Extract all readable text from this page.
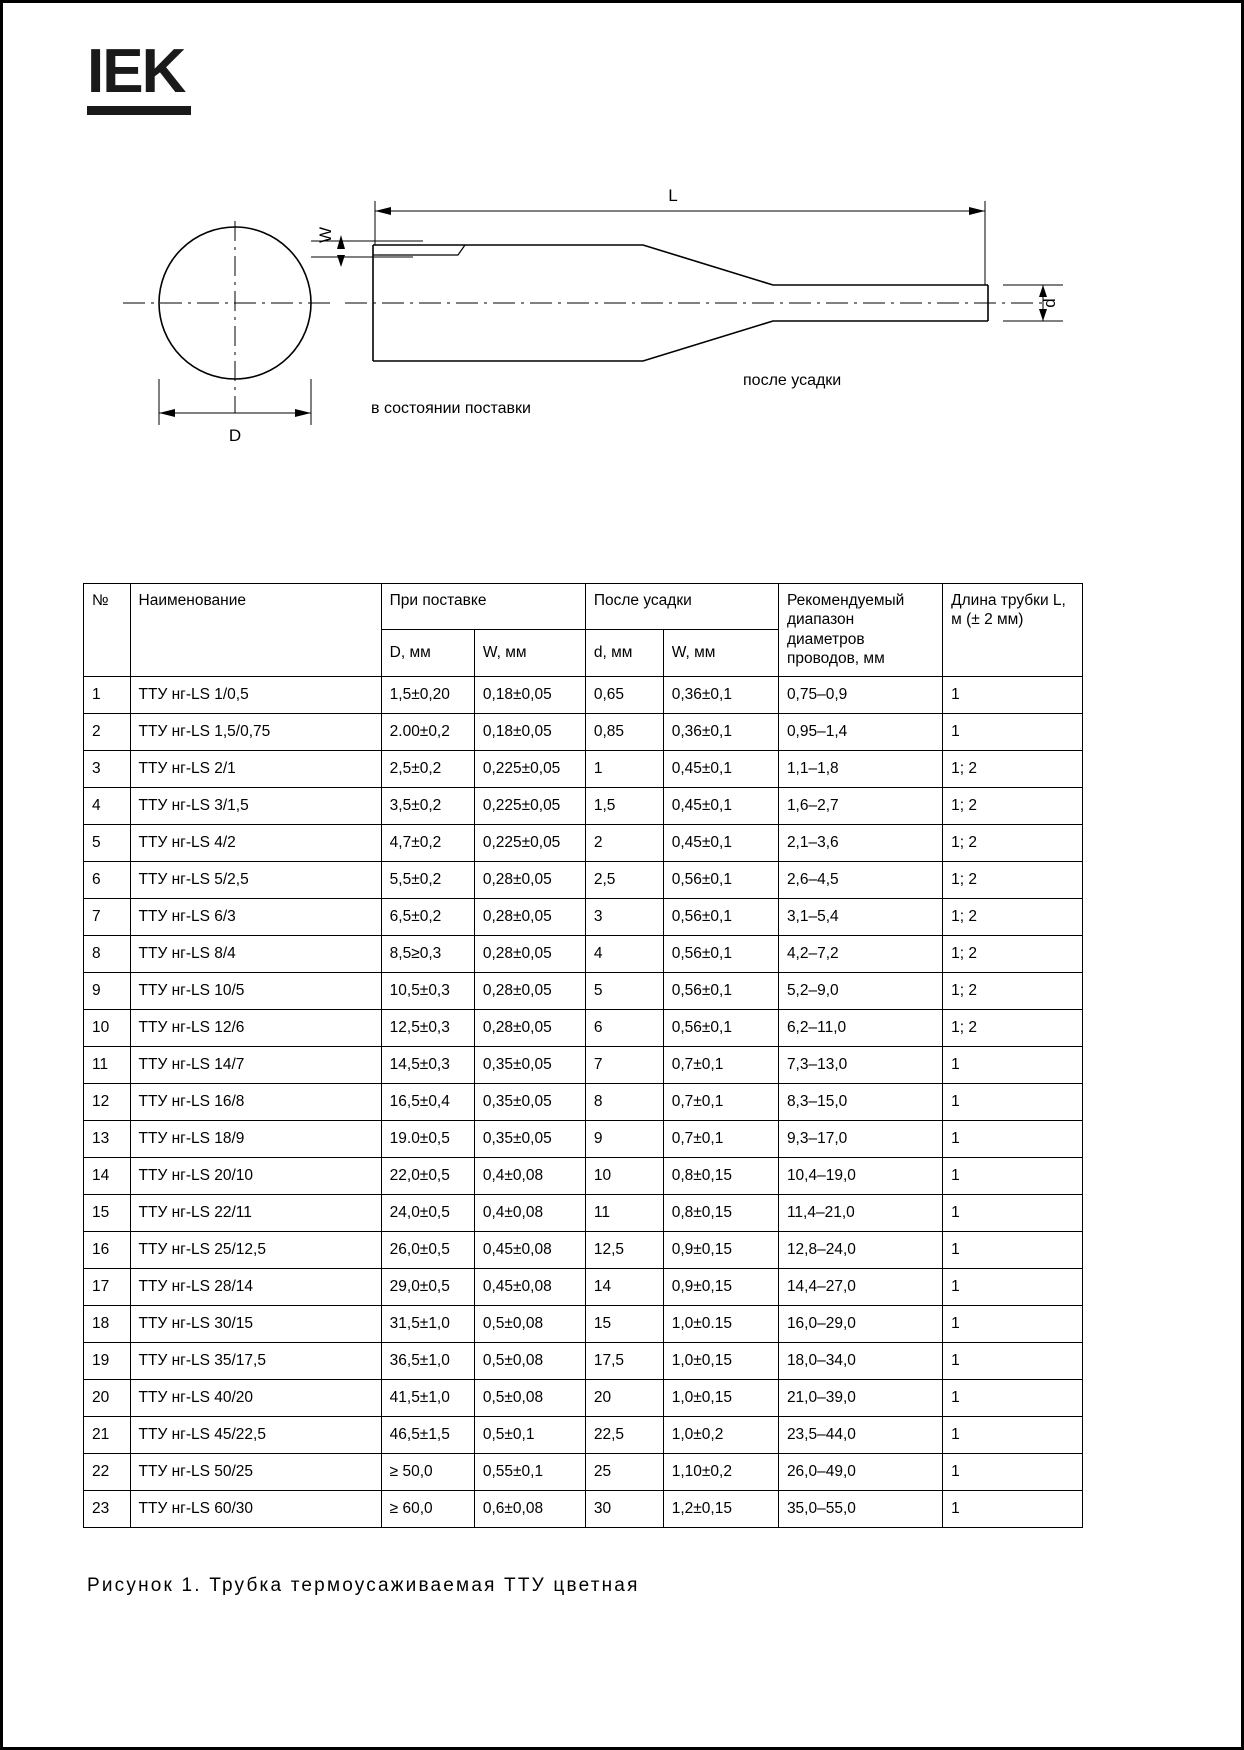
IEK
L
D
W
d
в состоянии поставки
после усадки
№	Наименование	При поставке		После усадки		Рекомендуемый диапазон диаметров проводов, мм	Длина трубки L, м (± 2 мм)
		D, мм	W, мм	d, мм	W, мм		
1	ТТУ нг-LS 1/0,5	1,5±0,20	0,18±0,05	0,65	0,36±0,1	0,75–0,9	1
2	ТТУ нг-LS 1,5/0,75	2.00±0,2	0,18±0,05	0,85	0,36±0,1	0,95–1,4	1
3	ТТУ нг-LS 2/1	2,5±0,2	0,225±0,05	1	0,45±0,1	1,1–1,8	1; 2
4	ТТУ нг-LS 3/1,5	3,5±0,2	0,225±0,05	1,5	0,45±0,1	1,6–2,7	1; 2
5	ТТУ нг-LS 4/2	4,7±0,2	0,225±0,05	2	0,45±0,1	2,1–3,6	1; 2
6	ТТУ нг-LS 5/2,5	5,5±0,2	0,28±0,05	2,5	0,56±0,1	2,6–4,5	1; 2
7	ТТУ нг-LS 6/3	6,5±0,2	0,28±0,05	3	0,56±0,1	3,1–5,4	1; 2
8	ТТУ нг-LS 8/4	8,5≥0,3	0,28±0,05	4	0,56±0,1	4,2–7,2	1; 2
9	ТТУ нг-LS 10/5	10,5±0,3	0,28±0,05	5	0,56±0,1	5,2–9,0	1; 2
10	ТТУ нг-LS 12/6	12,5±0,3	0,28±0,05	6	0,56±0,1	6,2–11,0	1; 2
11	ТТУ нг-LS 14/7	14,5±0,3	0,35±0,05	7	0,7±0,1	7,3–13,0	1
12	ТТУ нг-LS 16/8	16,5±0,4	0,35±0,05	8	0,7±0,1	8,3–15,0	1
13	ТТУ нг-LS 18/9	19.0±0,5	0,35±0,05	9	0,7±0,1	9,3–17,0	1
14	ТТУ нг-LS 20/10	22,0±0,5	0,4±0,08	10	0,8±0,15	10,4–19,0	1
15	ТТУ нг-LS 22/11	24,0±0,5	0,4±0,08	11	0,8±0,15	11,4–21,0	1
16	ТТУ нг-LS 25/12,5	26,0±0,5	0,45±0,08	12,5	0,9±0,15	12,8–24,0	1
17	ТТУ нг-LS 28/14	29,0±0,5	0,45±0,08	14	0,9±0,15	14,4–27,0	1
18	ТТУ нг-LS 30/15	31,5±1,0	0,5±0,08	15	1,0±0.15	16,0–29,0	1
19	ТТУ нг-LS 35/17,5	36,5±1,0	0,5±0,08	17,5	1,0±0,15	18,0–34,0	1
20	ТТУ нг-LS 40/20	41,5±1,0	0,5±0,08	20	1,0±0,15	21,0–39,0	1
21	ТТУ нг-LS 45/22,5	46,5±1,5	0,5±0,1	22,5	1,0±0,2	23,5–44,0	1
22	ТТУ нг-LS 50/25	≥ 50,0	0,55±0,1	25	1,10±0,2	26,0–49,0	1
23	ТТУ нг-LS 60/30	≥ 60,0	0,6±0,08	30	1,2±0,15	35,0–55,0	1
Рисунок 1. Трубка термоусаживаемая ТТУ цветная
